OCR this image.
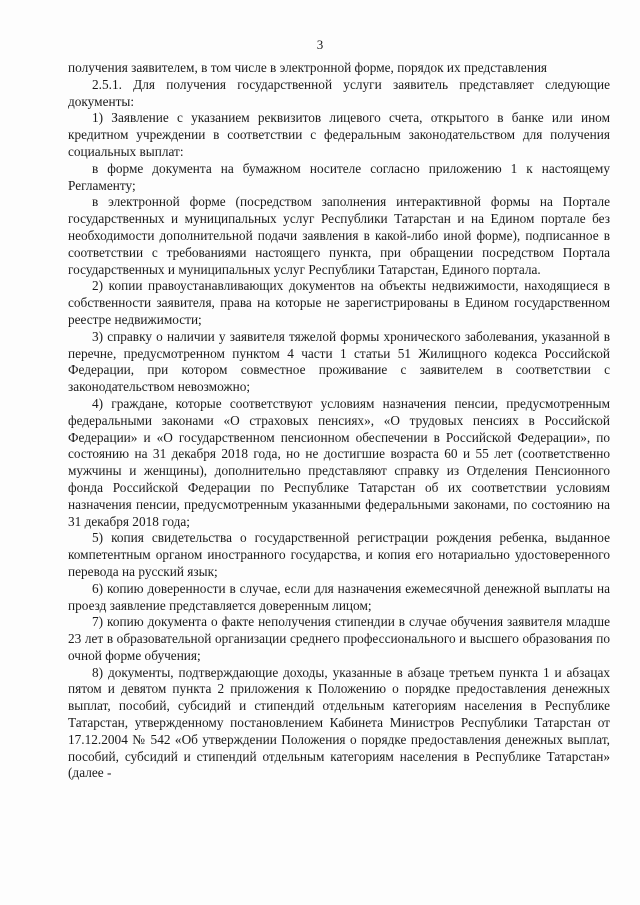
3

получения заявителем, в том числе в электронной форме, порядок их представления

2.5.1. Для получения государственной услуги заявитель представляет следующие документы:

1) Заявление с указанием реквизитов лицевого счета, открытого в банке или ином кредитном учреждении в соответствии с федеральным законодательством для получения социальных выплат:

в форме документа на бумажном носителе согласно приложению 1 к настоящему Регламенту;

в электронной форме (посредством заполнения интерактивной формы на Портале государственных и муниципальных услуг Республики Татарстан и на Едином портале без необходимости дополнительной подачи заявления в какой-либо иной форме), подписанное в соответствии с требованиями настоящего пункта, при обращении посредством Портала государственных и муниципальных услуг Республики Татарстан, Единого портала.

2) копии правоустанавливающих документов на объекты недвижимости, находящиеся в собственности заявителя, права на которые не зарегистрированы в Едином государственном реестре недвижимости;

3) справку о наличии у заявителя тяжелой формы хронического заболевания, указанной в перечне, предусмотренном пунктом 4 части 1 статьи 51 Жилищного кодекса Российской Федерации, при котором совместное проживание с заявителем в соответствии с законодательством невозможно;

4) граждане, которые соответствуют условиям назначения пенсии, предусмотренным федеральными законами «О страховых пенсиях», «О трудовых пенсиях в Российской Федерации» и «О государственном пенсионном обеспечении в Российской Федерации», по состоянию на 31 декабря 2018 года, но не достигшие возраста 60 и 55 лет (соответственно мужчины и женщины), дополнительно представляют справку из Отделения Пенсионного фонда Российской Федерации по Республике Татарстан об их соответствии условиям назначения пенсии, предусмотренным указанными федеральными законами, по состоянию на 31 декабря 2018 года;

5) копия свидетельства о государственной регистрации рождения ребенка, выданное компетентным органом иностранного государства, и копия его нотариально удостоверенного перевода на русский язык;

6) копию доверенности в случае, если для назначения ежемесячной денежной выплаты на проезд заявление представляется доверенным лицом;

7) копию документа о факте неполучения стипендии в случае обучения заявителя младше 23 лет в образовательной организации среднего профессионального и высшего образования по очной форме обучения;

8) документы, подтверждающие доходы, указанные в абзаце третьем пункта 1 и абзацах пятом и девятом пункта 2 приложения к Положению о порядке предоставления денежных выплат, пособий, субсидий и стипендий отдельным категориям населения в Республике Татарстан, утвержденному постановлением Кабинета Министров Республики Татарстан от 17.12.2004 № 542 «Об утверждении Положения о порядке предоставления денежных выплат, пособий, субсидий и стипендий отдельным категориям населения в Республике Татарстан» (далее -
